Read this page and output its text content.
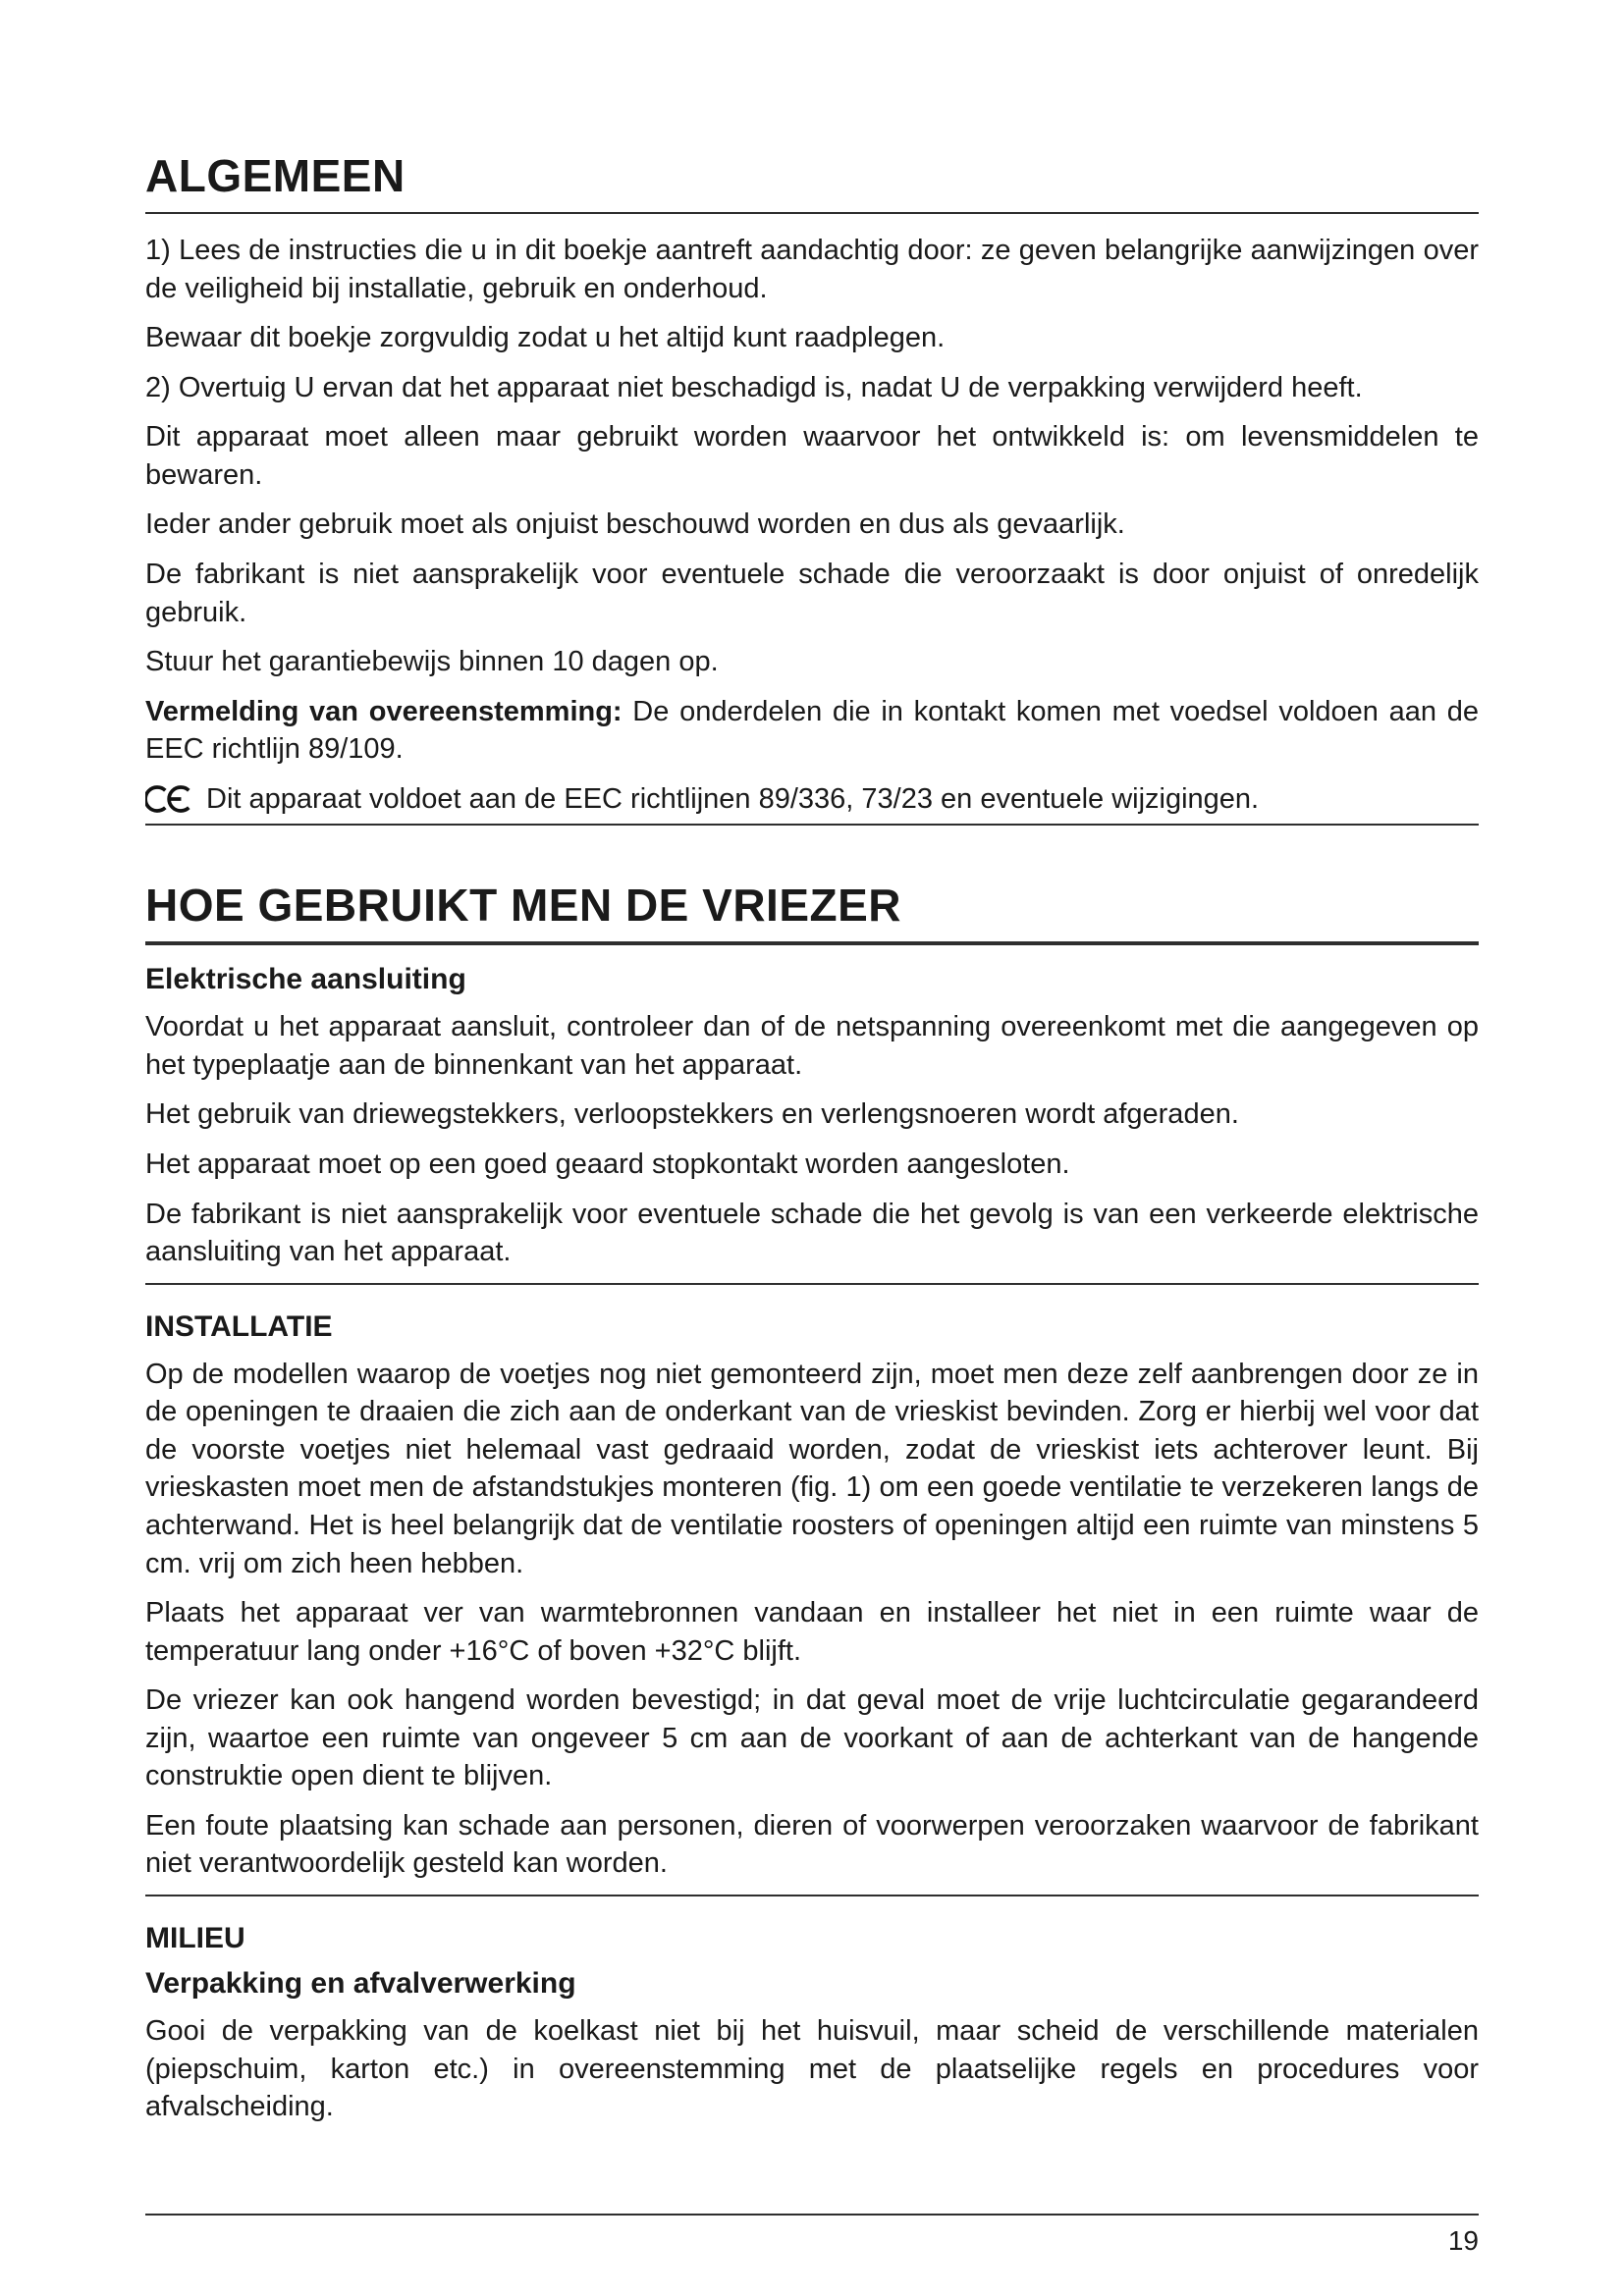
ALGEMEEN

1) Lees de instructies die u in dit boekje aantreft aandachtig door: ze geven belangrijke aanwijzingen over de veiligheid bij installatie, gebruik en onderhoud.

Bewaar dit boekje zorgvuldig zodat u het altijd kunt raadplegen.

2) Overtuig U ervan dat het apparaat niet beschadigd is, nadat U de verpakking verwijderd heeft.

Dit apparaat moet alleen maar gebruikt worden waarvoor het ontwikkeld is: om levensmiddelen te bewaren.

Ieder ander gebruik moet als onjuist beschouwd worden en dus als gevaarlijk.

De fabrikant is niet aansprakelijk voor eventuele schade die veroorzaakt is door onjuist of onredelijk gebruik.

Stuur het garantiebewijs binnen 10 dagen op.

Vermelding van overeenstemming: De onderdelen die in kontakt komen met voedsel voldoen aan de EEC richtlijn 89/109.

Dit apparaat voldoet aan de EEC richtlijnen 89/336, 73/23 en eventuele wijzigingen.
HOE GEBRUIKT MEN DE VRIEZER
Elektrische aansluiting

Voordat u het apparaat aansluit, controleer dan of de netspanning overeenkomt met die aangegeven op het typeplaatje aan de binnenkant van het apparaat.

Het gebruik van driewegstekkers, verloopstekkers en verlengsnoeren wordt afgeraden.

Het apparaat moet op een goed geaard stopkontakt worden aangesloten.

De fabrikant is niet aansprakelijk voor eventuele schade die het gevolg is van een verkeerde elektrische aansluiting van het apparaat.

INSTALLATIE

Op de modellen waarop de voetjes nog niet gemonteerd zijn, moet men deze zelf aanbrengen door ze in de openingen te draaien die zich aan de onderkant van de vrieskist bevinden. Zorg er hierbij wel voor dat de voorste voetjes niet helemaal vast gedraaid worden, zodat de vrieskist iets achterover leunt. Bij vrieskasten moet men de afstandstukjes monteren (fig. 1) om een goede ventilatie te verzekeren langs de achterwand. Het is heel belangrijk dat de ventilatie roosters of openingen altijd een ruimte van minstens 5 cm. vrij om zich heen hebben.

Plaats het apparaat ver van warmtebronnen vandaan en installeer het niet in een ruimte waar de temperatuur lang onder +16°C of boven +32°C blijft.

De vriezer kan ook hangend worden bevestigd; in dat geval moet de vrije luchtcirculatie gegarandeerd zijn, waartoe een ruimte van ongeveer 5 cm aan de voorkant of aan de achterkant van de hangende construktie open dient te blijven.

Een foute plaatsing kan schade aan personen, dieren of voorwerpen veroorzaken waarvoor de fabrikant niet verantwoordelijk gesteld kan worden.

MILIEU
Verpakking en afvalverwerking

Gooi de verpakking van de koelkast niet bij het huisvuil, maar scheid de verschillende materialen (piepschuim, karton etc.) in overeenstemming met de plaatselijke regels en procedures voor afvalscheiding.

19
